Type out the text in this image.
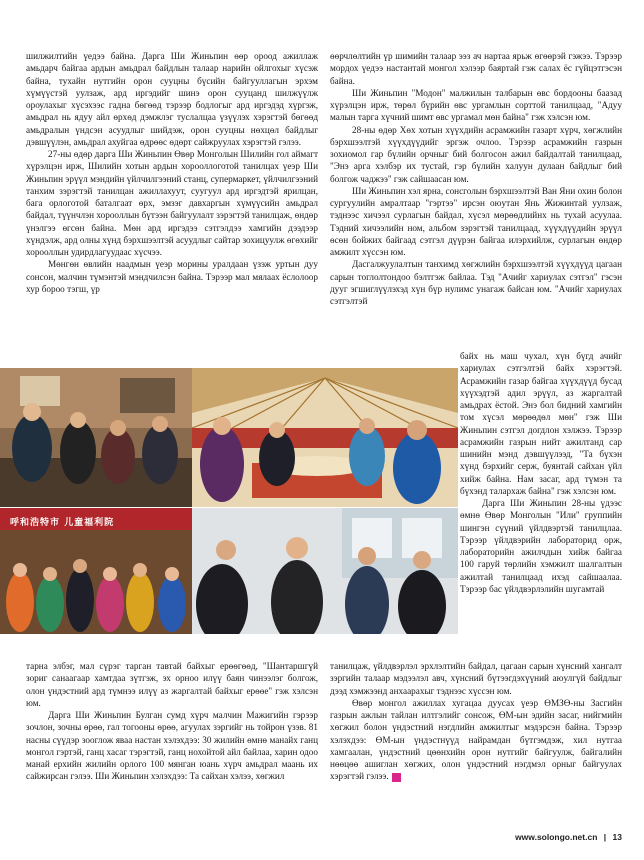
шилжилтийн үедээ байна. Дарга Ши Жиньпин өөр ороод ажиллаж амьдарч байгаа ардын амьдрал байдлын талаар нарийн ойлгохыг хүсэж байна, тухайн нутгийн орон сууцны бүсийн байгууллагын эрхэм хүмүүстэй уулзаж, ард иргэдийг шинэ орон сууцанд шилжүүлж ороулахыг хүсэхээс гадна бөгөөд тэрээр бодлогыг ард иргэдэд хүргэж, амьдрал нь ядуу айл өрхөд дэмжлэг туслалцаа үзүүлэх хэрэгтэй бөгөөд амьдралын үндсэн асуудлыг шийдэж, орон сууцны нөхцөл байдлыг дэвшүүлэн, амьдрал ахуйгаа өдрөөс өдөрт сайжруулах хэрэгтэй гэлээ.

27-ны өдөр дарга Ши Жиньпин Өвөр Монголын Шилийн гол аймагт хүрэлцэн ирж, Шилийн хотын ардын хорооллоготой танилцах үеэр Ши Жиньпин эрүүл мэндийн үйлчилгээний станц, супермаркет, үйлчилгээний танхим зэрэгтэй танилцан ажиллахуут, суугуул ард иргэдтэй ярилцан, бага орлоготой баталгаат өрх, эмзэг давхаргын хүмүүсийн амьдрал байдал, түүнчлэн хорооллын бүтээн байгуулалт зэрэгтэй танилцаж, өндөр үнэлгээ өгсөн байна. Мөн ард иргэдээ сэтгэлдээ хамгийн дээдээр хүндэлж, ард олны хүнд бэрхшээлтэй асуудлыг сайтар зохицуулж өгөхийг хорооллын удирдлагуудаас хүсчээ.

Мөнгөн өвлийн наадмын үеэр морины уралдаан үзэж уртын дуу сонсон, малчин түмэнтэй мэндчилсэн байна. Тэрээр мал мялаах ёслолоор хур бороо тэгш, үр

өөрчлөлтийн үр шимийн талаар ээз ач нартаа ярьж өгөөрэй гэжээ. Тэрээр мордох үедээ настантай монгол хэлээр баяртай гэж салах ёс гүйцэтгэсэн байна.

Ши Жиньпин "Модон" малжилын талбарын өвс бордооны баазад хүрэлцэн ирж, төрөл бүрийн өвс ургамлын сорттой танилцаад, "Адуу малын тарга хүчний шимт өвс ургамал мөн байна" гэж хэлсэн юм.

28-ны өдөр Хөх хотын хүүхдийн асрамжийн газарт хүрч, хөгжлийн бэрхшээлтэй хүүхдүүдийг эргэж очлоо. Тэрээр асрамжийн газрын зохиомол гар бүлийн орчныг бий болгосон ажил байдалтай танилцаад, "Энэ арга хэлбэр их тустай, гэр бүлийн халуун дулаан байдлыг бий болгож чаджээ" гэж сайшаасан юм.

Ши Жиньпин хэл ярна, сонсголын бэрхшээлтэй Ван Яни охин болон сургуулийн амралтаар "гэртээ" ирсэн оюутан Янь Жижинтай уулзаж, тэднээс хичээл сурлагын байдал, хүсэл мөрөөдлийнх нь тухай асуулаа. Тэдний хичээлийн ном, альбом зэрэгтэй танилцаад, хүүхдүүдийн эрүүл өсөн бойжих байгаад сэтгэл дүүрэн байгаа илэрхийлж, сурлагын өндөр амжилт хүссэн юм.

Дасгалжуулалтын танхимд хөгжлийн бэрхшээлтэй хүүхдүүд цагаан сарын тоглолтондоо бэлтгэж байлаа. Тэд "Ачийг хариулах сэтгэл" гэсэн дууг эгшиглүүлэхэд хүн бүр нулимс унагаж байсан юм. "Ачийг хариулах сэтгэлтэй

байх нь маш чухал, хүн бүгд ачийг хариулах сэтгэлтэй байх хэрэгтэй. Асрамжийн газар байгаа хүүхдүүд бусад хүүхэдтэй адил эрүүл, аз жаргалтай амьдрах ёстой. Энэ бол бидний хамгийн том хүсэл мөрөөдөл мөн" гэж Ши Жиньпин сэтгэл догдлон хэлжээ. Тэрээр асрамжийн газрын нийт ажилтанд сар шинийн мэнд дэвшүүлээд, "Та бүхэн хүнд бэрхийг серж, буянтай сайхан үйл хийж байна. Нам засаг, ард түмэн та бүхэнд талархаж байна" гэж хэлсэн юм.

Дарга Ши Жиньпин 28-ны үдээс өмнө Өвөр Монголын "Или" группийн шингэн сүүний үйлдвэртэй танилцлаа. Тэрээр үйлдвэрийн лабораторид орж, лабораторийн ажилчдын хийж байгаа 100 гаруй төрлийн хэмжилт шалгалтын ажилтай танилцаад ихэд сайшаалаа. Тэрээр бас үйлдвэрлэлийн шугамтай

тарна элбэг, мал сүрэг тарган тавтай байхыг ерөөгөөд, "Шантаршгүй зориг санаагаар хамтдаа зүтгэж, эх орноо илүү баян чинээлэг болгож, олон үндэстний ард түмнээ илүү аз жаргалтай байхыг ерөөе" гэж хэлсэн юм.

Дарга Ши Жиньпин Булган сумд хүрч малчин Мажигийн гэрээр зочлон, зочны өрөө, гал тогооны өрөө, агуулах зэргийг нь тойрон үзэв. 81 насны сүүдэр зооглож яваа настан хэлэхдээ: 30 жилийн өмнө манайх ганц монгол гэртэй, ганц хасаг тэрэгтэй, ганц нохойтой айл байлаа, харин одоо манай ерхийн жилийн орлого 100 мянган юань хүрч амьдрал маань их сайжирсан гэлээ. Ши Жиньпин хэлэхдээ: Та сайхан хэлээ, хөгжил

танилцаж, үйлдвэрлэл эрхлэлтийн байдал, цагаан сарын хүнсний хангалт зэргийн талаар мэдээлэл авч, хүнсний бүтээгдэхүүний аюулгүй байдлыг дээд хэмжээнд анхаарахыг тэднээс хүссэн юм.

Өвөр монгол ажиллах хугацаа дуусах үеэр ӨМЗӨ-ны Засгийн газрын ажлын тайлан илтгэлийг сонсож, ӨМ-ын эдийн засаг, нийгмийн хөгжил болон үндэстний нэгдлийн амжилтыг мэдэрсэн байна. Тэрээр хэлэхдээ: ӨМ-ын үндэстнүүд найрамдан бүтгэмдэж, хил нутгаа хамгаалан, үндэстний цөөнхийн орон нутгийг байгуулж, байгалийн нөөцөө ашиглан хөгжих, олон үндэстний нэгдмэл орныг байгуулах хэрэгтэй гэлээ.	▶

呼和浩特市 儿童福利院
www.solongo.net.cn | 13
